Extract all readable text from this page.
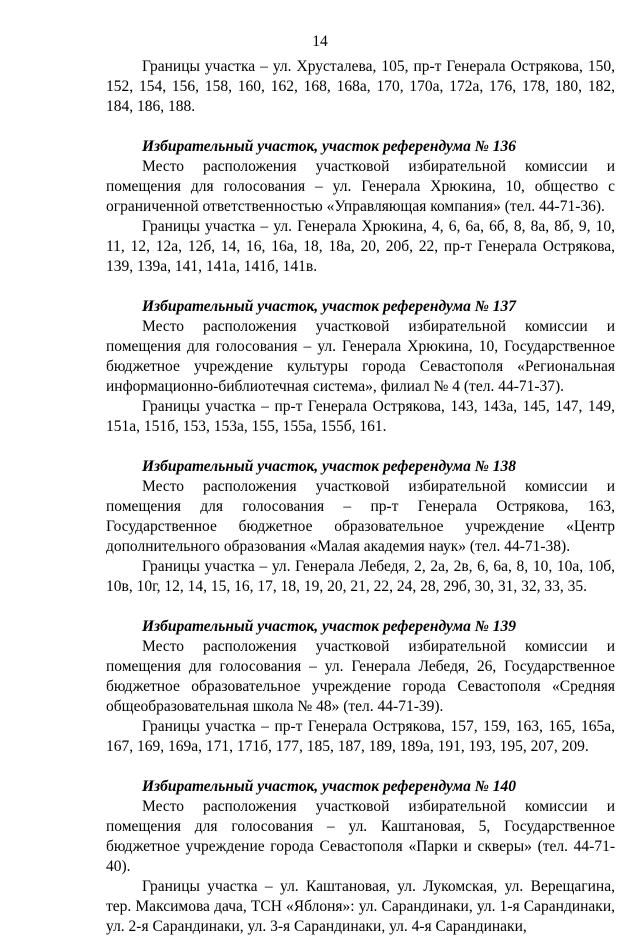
14

Границы участка – ул. Хрусталева, 105, пр-т Генерала Острякова, 150, 152, 154, 156, 158, 160, 162, 168, 168а, 170, 170а, 172а, 176, 178, 180, 182, 184, 186, 188.

Избирательный участок, участок референдума № 136

Место расположения участковой избирательной комиссии и помещения для голосования – ул. Генерала Хрюкина, 10, общество с ограниченной ответственностью «Управляющая компания» (тел. 44-71-36).

Границы участка – ул. Генерала Хрюкина, 4, 6, 6а, 6б, 8, 8а, 8б, 9, 10, 11, 12, 12а, 12б, 14, 16, 16а, 18, 18а, 20, 20б, 22, пр-т Генерала Острякова, 139, 139а, 141, 141а, 141б, 141в.

Избирательный участок, участок референдума № 137

Место расположения участковой избирательной комиссии и помещения для голосования – ул. Генерала Хрюкина, 10, Государственное бюджетное учреждение культуры города Севастополя «Региональная информационно-библиотечная система», филиал № 4 (тел. 44-71-37).

Границы участка – пр-т Генерала Острякова, 143, 143а, 145, 147, 149, 151а, 151б, 153, 153а, 155, 155а, 155б, 161.

Избирательный участок, участок референдума № 138

Место расположения участковой избирательной комиссии и помещения для голосования – пр-т Генерала Острякова, 163, Государственное бюджетное образовательное учреждение «Центр дополнительного образования «Малая академия наук» (тел. 44-71-38).

Границы участка – ул. Генерала Лебедя, 2, 2а, 2в, 6, 6а, 8, 10, 10а, 10б, 10в, 10г, 12, 14, 15, 16, 17, 18, 19, 20, 21, 22, 24, 28, 29б, 30, 31, 32, 33, 35.

Избирательный участок, участок референдума № 139

Место расположения участковой избирательной комиссии и помещения для голосования – ул. Генерала Лебедя, 26, Государственное бюджетное образовательное учреждение города Севастополя «Средняя общеобразовательная школа № 48» (тел. 44-71-39).

Границы участка – пр-т Генерала Острякова, 157, 159, 163, 165, 165а, 167, 169, 169а, 171, 171б, 177, 185, 187, 189, 189а, 191, 193, 195, 207, 209.

Избирательный участок, участок референдума № 140

Место расположения участковой избирательной комиссии и помещения для голосования – ул. Каштановая, 5, Государственное бюджетное учреждение города Севастополя «Парки и скверы» (тел. 44-71-40).

Границы участка – ул. Каштановая, ул. Лукомская, ул. Верещагина, тер. Максимова дача, ТСН «Яблоня»: ул. Сарандинаки, ул. 1-я Сарандинаки, ул. 2-я Сарандинаки, ул. 3-я Сарандинаки, ул. 4-я Сарандинаки,
